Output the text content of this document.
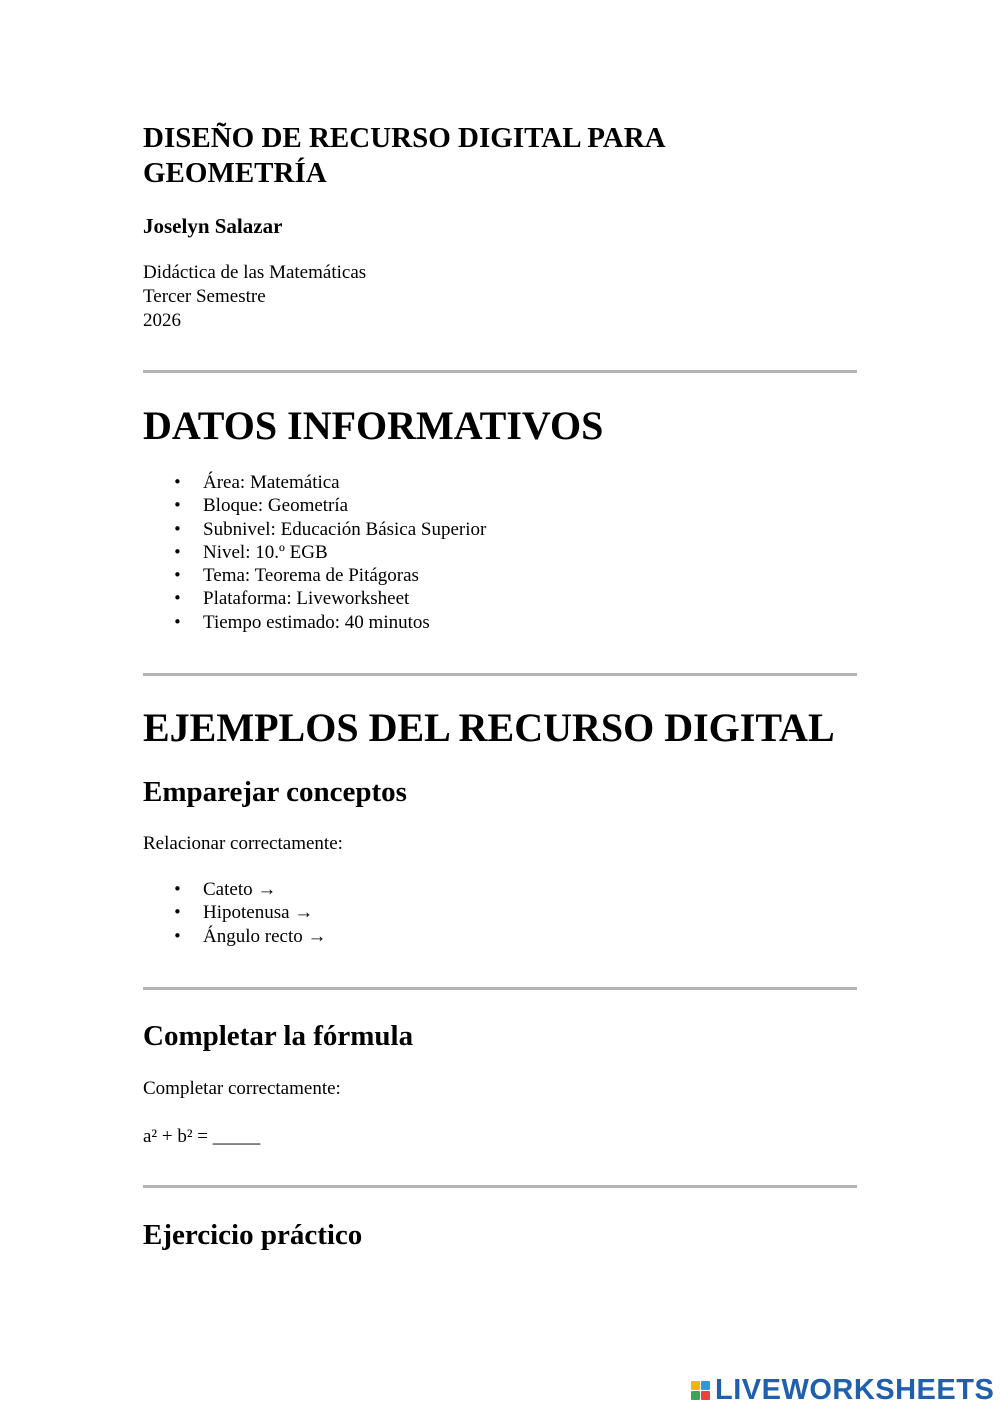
DISEÑO DE RECURSO DIGITAL PARA GEOMETRÍA
Joselyn Salazar
Didáctica de las Matemáticas
Tercer Semestre
2026
DATOS INFORMATIVOS
• Área: Matemática
• Bloque: Geometría
• Subnivel: Educación Básica Superior
• Nivel: 10.º EGB
• Tema: Teorema de Pitágoras
• Plataforma: Liveworksheet
• Tiempo estimado: 40 minutos
EJEMPLOS DEL RECURSO DIGITAL
Emparejar conceptos

Relacionar correctamente:

• Cateto →
• Hipotenusa →
• Ángulo recto →
Completar la fórmula

Completar correctamente:

a² + b² = _____

Ejercicio práctico
LIVEWORKSHEETS
